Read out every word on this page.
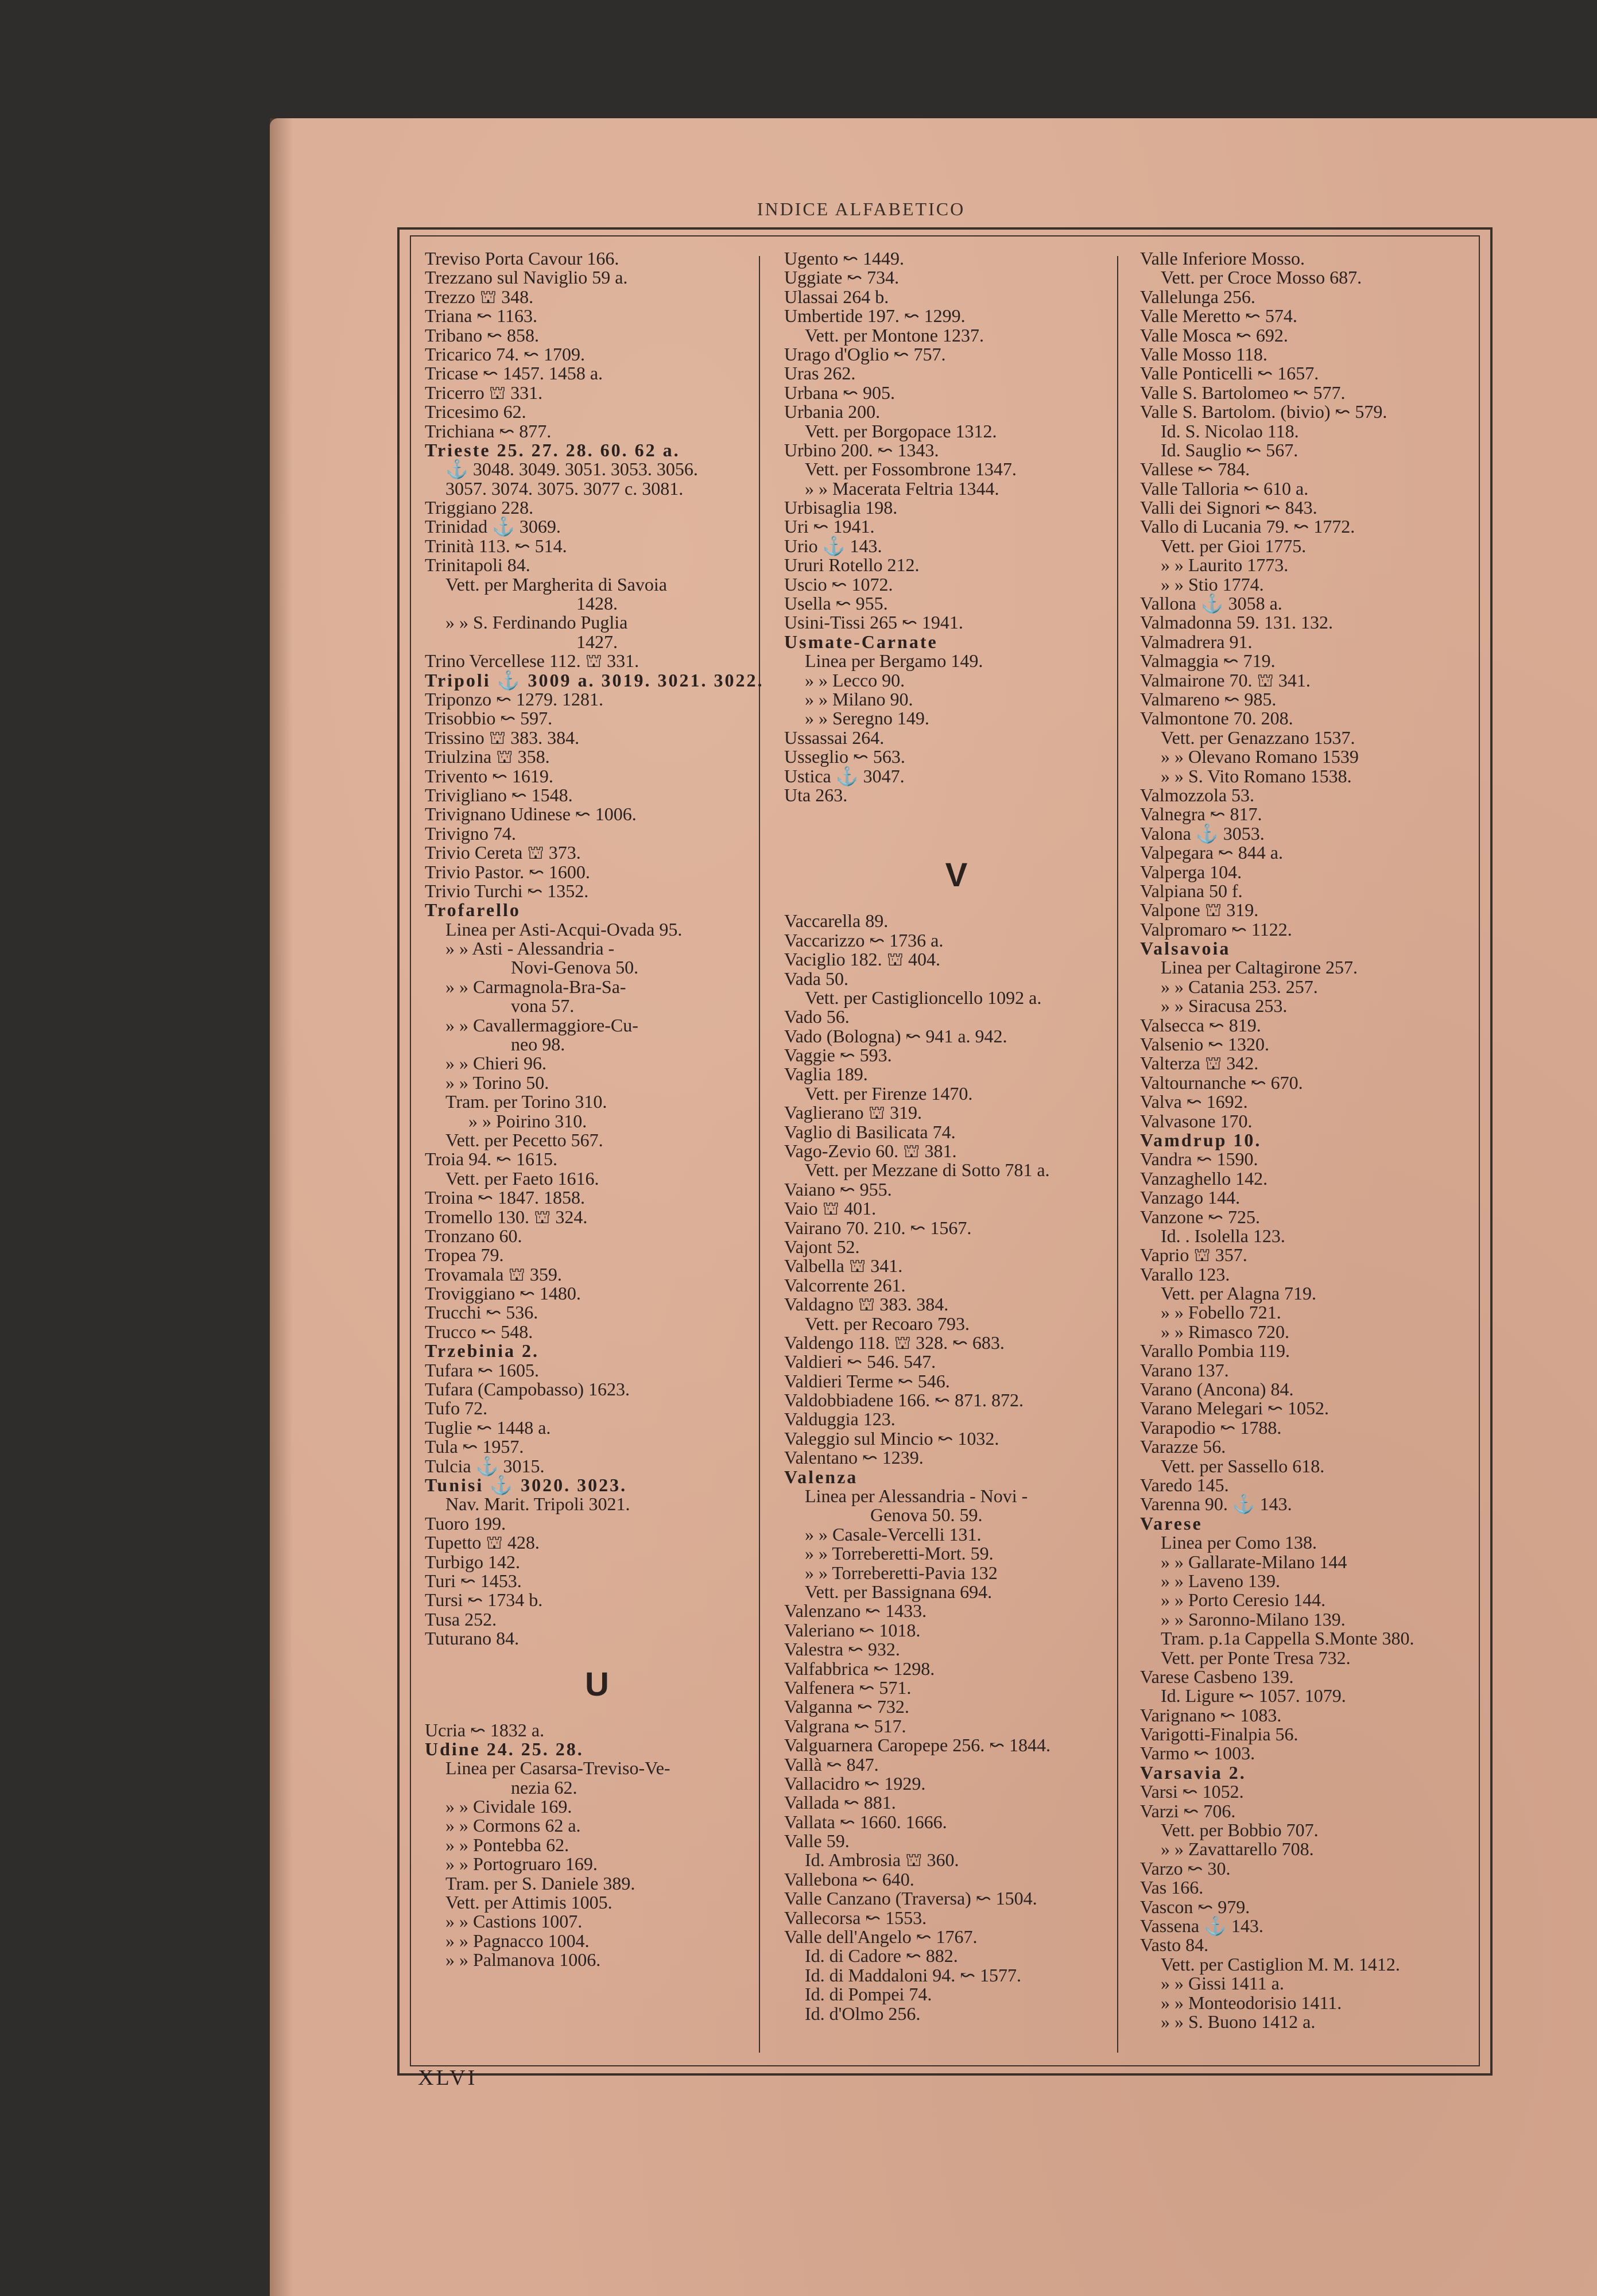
INDICE ALFABETICO
Treviso Porta Cavour 166.
Trezzano sul Naviglio 59 a.
Trezzo ⛫ 348.
Triana ↜ 1163.
Tribano ↜ 858.
Tricarico 74. ↜ 1709.
Tricase ↜ 1457. 1458 a.
Tricerro ⛫ 331.
Tricesimo 62.
Trichiana ↜ 877.
Trieste 25. 27. 28. 60. 62 a.
⚓ 3048. 3049. 3051. 3053. 3056.
3057. 3074. 3075. 3077 c. 3081.
Triggiano 228.
Trinidad ⚓ 3069.
Trinità 113. ↜ 514.
Trinitapoli 84.
Vett. per Margherita di Savoia
1428.
» » S. Ferdinando Puglia
1427.
Trino Vercellese 112. ⛫ 331.
Tripoli ⚓ 3009 a. 3019. 3021. 3022.
Triponzo ↜ 1279. 1281.
Trisobbio ↜ 597.
Trissino ⛫ 383. 384.
Triulzina ⛫ 358.
Trivento ↜ 1619.
Trivigliano ↜ 1548.
Trivignano Udinese ↜ 1006.
Trivigno 74.
Trivio Cereta ⛫ 373.
Trivio Pastor. ↜ 1600.
Trivio Turchi ↜ 1352.
Trofarello
Linea per Asti-Acqui-Ovada 95.
» » Asti - Alessandria -
Novi-Genova 50.
» » Carmagnola-Bra-Sa-
vona 57.
» » Cavallermaggiore-Cu-
neo 98.
» » Chieri 96.
» » Torino 50.
Tram. per Torino 310.
» » Poirino 310.
Vett. per Pecetto 567.
Troia 94. ↜ 1615.
Vett. per Faeto 1616.
Troina ↜ 1847. 1858.
Tromello 130. ⛫ 324.
Tronzano 60.
Tropea 79.
Trovamala ⛫ 359.
Troviggiano ↜ 1480.
Trucchi ↜ 536.
Trucco ↜ 548.
Trzebinia 2.
Tufara ↜ 1605.
Tufara (Campobasso) 1623.
Tufo 72.
Tuglie ↜ 1448 a.
Tula ↜ 1957.
Tulcia ⚓ 3015.
Tunisi ⚓ 3020. 3023.
Nav. Marit. Tripoli 3021.
Tuoro 199.
Tupetto ⛫ 428.
Turbigo 142.
Turi ↜ 1453.
Tursi ↜ 1734 b.
Tusa 252.
Tuturano 84.
U
Ucria ↜ 1832 a.
Udine 24. 25. 28.
Linea per Casarsa-Treviso-Ve-
nezia 62.
» » Cividale 169.
» » Cormons 62 a.
» » Pontebba 62.
» » Portogruaro 169.
Tram. per S. Daniele 389.
Vett. per Attimis 1005.
» » Castions 1007.
» » Pagnacco 1004.
» » Palmanova 1006.
Ugento ↜ 1449.
Uggiate ↜ 734.
Ulassai 264 b.
Umbertide 197. ↜ 1299.
Vett. per Montone 1237.
Urago d'Oglio ↜ 757.
Uras 262.
Urbana ↜ 905.
Urbania 200.
Vett. per Borgopace 1312.
Urbino 200. ↜ 1343.
Vett. per Fossombrone 1347.
» » Macerata Feltria 1344.
Urbisaglia 198.
Uri ↜ 1941.
Urio ⚓ 143.
Ururi Rotello 212.
Uscio ↜ 1072.
Usella ↜ 955.
Usini-Tissi 265 ↜ 1941.
Usmate-Carnate
Linea per Bergamo 149.
» » Lecco 90.
» » Milano 90.
» » Seregno 149.
Ussassai 264.
Usseglio ↜ 563.
Ustica ⚓ 3047.
Uta 263.
V
Vaccarella 89.
Vaccarizzo ↜ 1736 a.
Vaciglio 182. ⛫ 404.
Vada 50.
Vett. per Castiglioncello 1092 a.
Vado 56.
Vado (Bologna) ↜ 941 a. 942.
Vaggie ↜ 593.
Vaglia 189.
Vett. per Firenze 1470.
Vaglierano ⛫ 319.
Vaglio di Basilicata 74.
Vago-Zevio 60. ⛫ 381.
Vett. per Mezzane di Sotto 781 a.
Vaiano ↜ 955.
Vaio ⛫ 401.
Vairano 70. 210. ↜ 1567.
Vajont 52.
Valbella ⛫ 341.
Valcorrente 261.
Valdagno ⛫ 383. 384.
Vett. per Recoaro 793.
Valdengo 118. ⛫ 328. ↜ 683.
Valdieri ↜ 546. 547.
Valdieri Terme ↜ 546.
Valdobbiadene 166. ↜ 871. 872.
Valduggia 123.
Valeggio sul Mincio ↜ 1032.
Valentano ↜ 1239.
Valenza
Linea per Alessandria - Novi -
Genova 50. 59.
» » Casale-Vercelli 131.
» » Torreberetti-Mort. 59.
» » Torreberetti-Pavia 132
Vett. per Bassignana 694.
Valenzano ↜ 1433.
Valeriano ↜ 1018.
Valestra ↜ 932.
Valfabbrica ↜ 1298.
Valfenera ↜ 571.
Valganna ↜ 732.
Valgrana ↜ 517.
Valguarnera Caropepe 256. ↜ 1844.
Vallà ↜ 847.
Vallacidro ↜ 1929.
Vallada ↜ 881.
Vallata ↜ 1660. 1666.
Valle 59.
Id. Ambrosia ⛫ 360.
Vallebona ↜ 640.
Valle Canzano (Traversa) ↜ 1504.
Vallecorsa ↜ 1553.
Valle dell'Angelo ↜ 1767.
Id. di Cadore ↜ 882.
Id. di Maddaloni 94. ↜ 1577.
Id. di Pompei 74.
Id. d'Olmo 256.
Valle Inferiore Mosso.
Vett. per Croce Mosso 687.
Vallelunga 256.
Valle Meretto ↜ 574.
Valle Mosca ↜ 692.
Valle Mosso 118.
Valle Ponticelli ↜ 1657.
Valle S. Bartolomeo ↜ 577.
Valle S. Bartolom. (bivio) ↜ 579.
Id. S. Nicolao 118.
Id. Sauglio ↜ 567.
Vallese ↜ 784.
Valle Talloria ↜ 610 a.
Valli dei Signori ↜ 843.
Vallo di Lucania 79. ↜ 1772.
Vett. per Gioi 1775.
» » Laurito 1773.
» » Stio 1774.
Vallona ⚓ 3058 a.
Valmadonna 59. 131. 132.
Valmadrera 91.
Valmaggia ↜ 719.
Valmairone 70. ⛫ 341.
Valmareno ↜ 985.
Valmontone 70. 208.
Vett. per Genazzano 1537.
» » Olevano Romano 1539
» » S. Vito Romano 1538.
Valmozzola 53.
Valnegra ↜ 817.
Valona ⚓ 3053.
Valpegara ↜ 844 a.
Valperga 104.
Valpiana 50 f.
Valpone ⛫ 319.
Valpromaro ↜ 1122.
Valsavoia
Linea per Caltagirone 257.
» » Catania 253. 257.
» » Siracusa 253.
Valsecca ↜ 819.
Valsenio ↜ 1320.
Valterza ⛫ 342.
Valtournanche ↜ 670.
Valva ↜ 1692.
Valvasone 170.
Vamdrup 10.
Vandra ↜ 1590.
Vanzaghello 142.
Vanzago 144.
Vanzone ↜ 725.
Id. . Isolella 123.
Vaprio ⛫ 357.
Varallo 123.
Vett. per Alagna 719.
» » Fobello 721.
» » Rimasco 720.
Varallo Pombia 119.
Varano 137.
Varano (Ancona) 84.
Varano Melegari ↜ 1052.
Varapodio ↜ 1788.
Varazze 56.
Vett. per Sassello 618.
Varedo 145.
Varenna 90. ⚓ 143.
Varese
Linea per Como 138.
» » Gallarate-Milano 144
» » Laveno 139.
» » Porto Ceresio 144.
» » Saronno-Milano 139.
Tram. p.1a Cappella S.Monte 380.
Vett. per Ponte Tresa 732.
Varese Casbeno 139.
Id. Ligure ↜ 1057. 1079.
Varignano ↜ 1083.
Varigotti-Finalpia 56.
Varmo ↜ 1003.
Varsavia 2.
Varsi ↜ 1052.
Varzi ↜ 706.
Vett. per Bobbio 707.
» » Zavattarello 708.
Varzo ↜ 30.
Vas 166.
Vascon ↜ 979.
Vassena ⚓ 143.
Vasto 84.
Vett. per Castiglion M. M. 1412.
» » Gissi 1411 a.
» » Monteodorisio 1411.
» » S. Buono 1412 a.
XLVI
